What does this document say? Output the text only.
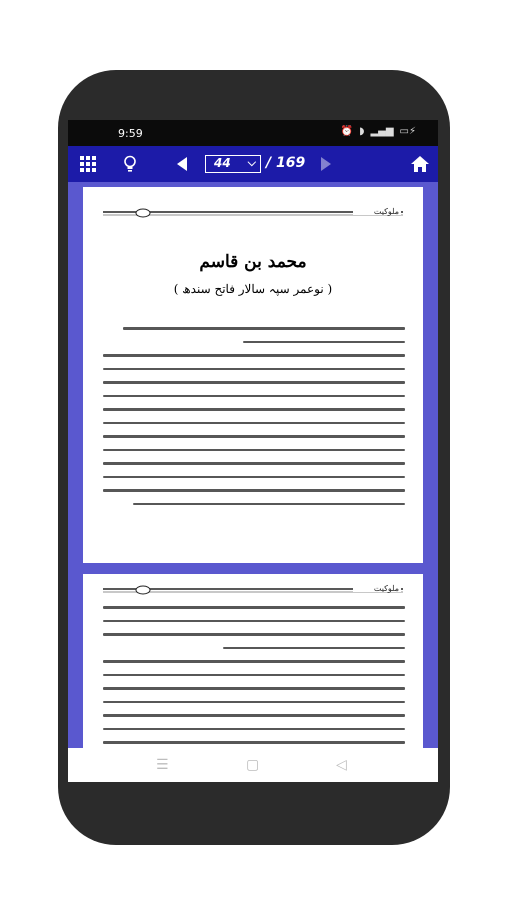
9:59	⏰ ◗ ▂▄▆ ▭⚡
44 ⌵ / 169
ملوکیت
محمد بن قاسم
( نوعمر سپہ سالار فاتح سندھ )
ملوکیت
☰	▢	◁
